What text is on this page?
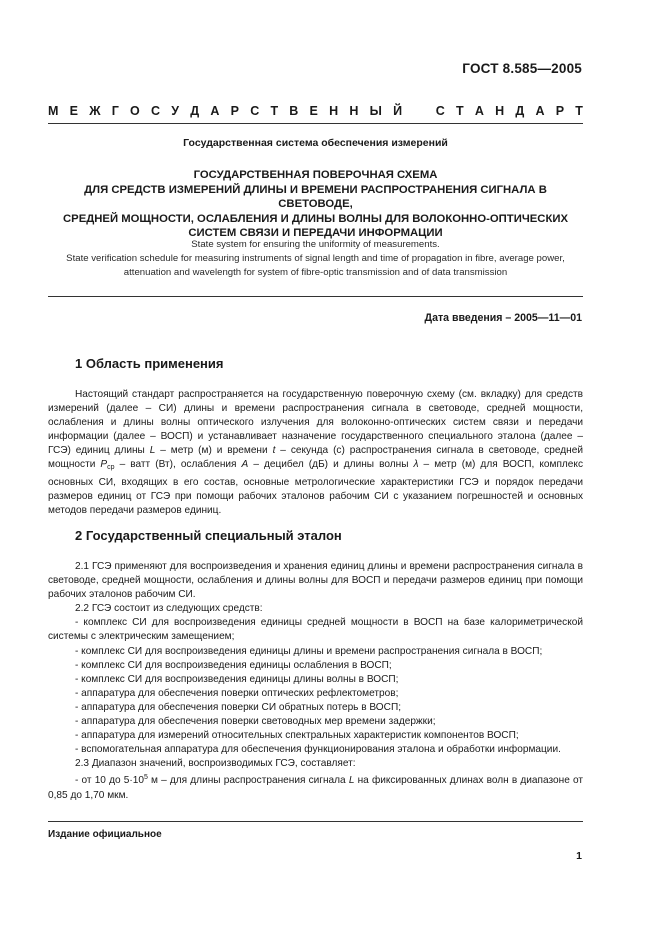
ГОСТ 8.585—2005
М Е Ж Г О С У Д А Р С Т В Е Н Н Ы Й	С Т А Н Д А Р Т
Государственная система обеспечения измерений
ГОСУДАРСТВЕННАЯ ПОВЕРОЧНАЯ СХЕМА
ДЛЯ СРЕДСТВ ИЗМЕРЕНИЙ ДЛИНЫ И ВРЕМЕНИ РАСПРОСТРАНЕНИЯ СИГНАЛА В СВЕТОВОДЕ,
СРЕДНЕЙ МОЩНОСТИ, ОСЛАБЛЕНИЯ И ДЛИНЫ ВОЛНЫ ДЛЯ ВОЛОКОННО-ОПТИЧЕСКИХ
СИСТЕМ СВЯЗИ И ПЕРЕДАЧИ ИНФОРМАЦИИ
State system for ensuring the uniformity of measurements.
State verification schedule for measuring instruments of signal length and time of propagation in fibre, average power,
attenuation and wavelength for system of fibre-optic transmission and of data transmission
Дата введения – 2005—11—01
1 Область применения

Настоящий стандарт распространяется на государственную поверочную схему (см. вкладку) для средств измерений (далее – СИ) длины и времени распространения сигнала в световоде, средней мощности, ослабления и длины волны оптического излучения для волоконно-оптических систем связи и передачи информации (далее – ВОСП) и устанавливает назначение государственного специального эталона (далее – ГСЭ) единиц длины L – метр (м) и времени t – секунда (с) распространения сигнала в световоде, средней мощности $P_{ср}$ – ватт (Вт), ослабления A – децибел (дБ) и длины волны λ – метр (м) для ВОСП, комплекс основных СИ, входящих в его состав, основные метрологические характеристики ГСЭ и порядок передачи размеров единиц от ГСЭ при помощи рабочих эталонов рабочим СИ с указанием погрешностей и основных методов передачи размеров единиц.

2 Государственный специальный эталон

2.1 ГСЭ применяют для воспроизведения и хранения единиц длины и времени распространения сигнала в световоде, средней мощности, ослабления и длины волны для ВОСП и передачи размеров единиц при помощи рабочих эталонов рабочим СИ.

2.2 ГСЭ состоит из следующих средств:

- комплекс СИ для воспроизведения единицы средней мощности в ВОСП на базе калориметрической системы с электрическим замещением;

- комплекс СИ для воспроизведения единицы длины и времени распространения сигнала в ВОСП;

- комплекс СИ для воспроизведения единицы ослабления в ВОСП;

- комплекс СИ для воспроизведения единицы длины волны в ВОСП;

- аппаратура для обеспечения поверки оптических рефлектометров;

- аппаратура для обеспечения поверки СИ обратных потерь в ВОСП;

- аппаратура для обеспечения поверки световодных мер времени задержки;

- аппаратура для измерений относительных спектральных характеристик компонентов ВОСП;

- вспомогательная аппаратура для обеспечения функционирования эталона и обработки информации.

2.3 Диапазон значений, воспроизводимых ГСЭ, составляет:

- от 10 до $5\cdot 10^5$ м – для длины распространения сигнала L на фиксированных длинах волн в диапазоне от 0,85 до 1,70 мкм.

Издание официальное
1
